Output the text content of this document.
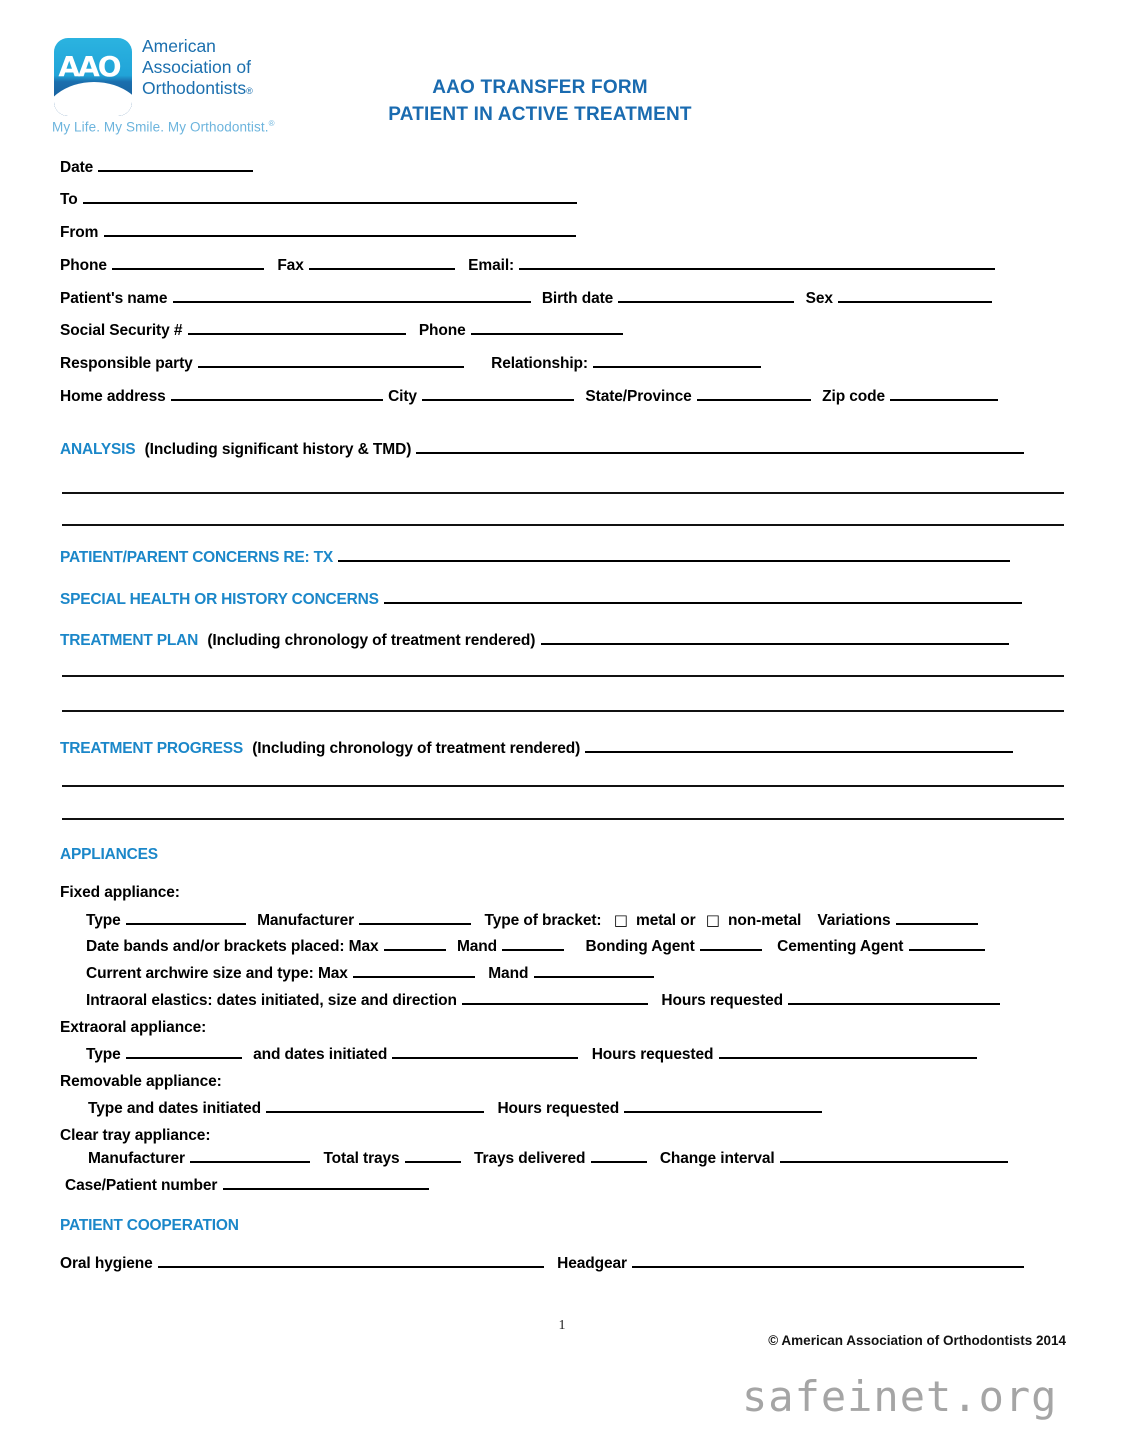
AAO
American
Association of
Orthodontists®
My Life. My Smile. My Orthodontist.®
AAO TRANSFER FORM
PATIENT IN ACTIVE TREATMENT
Date
To
From
Phone	Fax	Email:
Patient's name	Birth date	Sex
Social Security #	Phone
Responsible party	Relationship:
Home address	City	State/Province	Zip code
ANALYSIS (Including significant history & TMD)
PATIENT/PARENT CONCERNS RE: TX
SPECIAL HEALTH OR HISTORY CONCERNS
TREATMENT PLAN (Including chronology of treatment rendered)
TREATMENT PROGRESS (Including chronology of treatment rendered)
APPLIANCES
Fixed appliance:
Type	Manufacturer	Type of bracket: □ metal or □ non-metal Variations
Date bands and/or brackets placed: Max	Mand	Bonding Agent	Cementing Agent
Current archwire size and type: Max	Mand
Intraoral elastics: dates initiated, size and direction	Hours requested
Extraoral appliance:
Type	and dates initiated	Hours requested
Removable appliance:
Type and dates initiated	Hours requested
Clear tray appliance:
Manufacturer	Total trays	Trays delivered	Change interval
Case/Patient number
PATIENT COOPERATION
Oral hygiene	Headgear
1
© American Association of Orthodontists 2014
safeinet.org
